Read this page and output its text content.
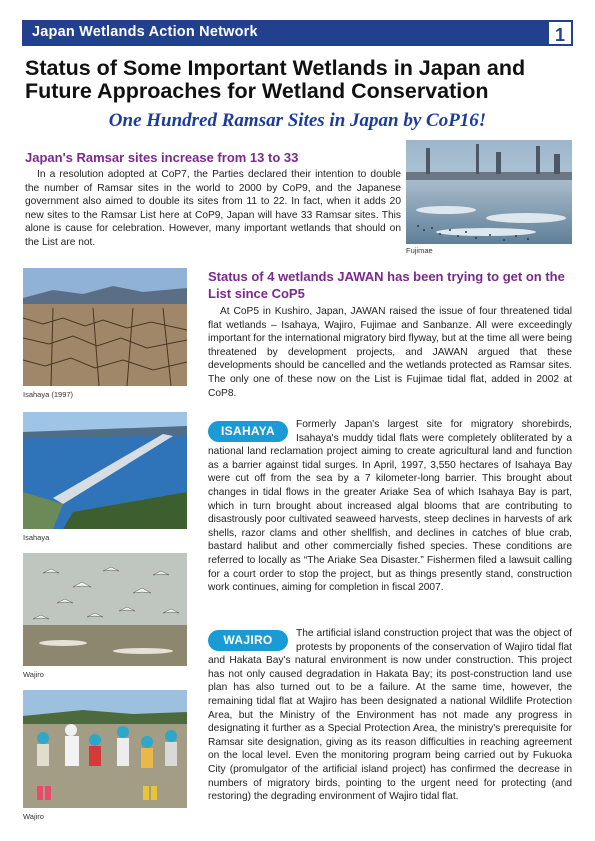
Japan Wetlands Action Network	1
Status of Some Important Wetlands in Japan and Future Approaches for Wetland Conservation
One Hundred Ramsar Sites in Japan by CoP16!
Japan's Ramsar sites increase from 13 to 33
In a resolution adopted at CoP7, the Parties declared their intention to double the number of Ramsar sites in the world to 2000 by CoP9, and the Japanese government also aimed to double its sites from 11 to 22. In fact, when it adds 20 new sites to the Ramsar List here at CoP9, Japan will have 33 Ramsar sites. This alone is cause for celebration. However, many important wetlands that should on the List are not.
Fujimae
Isahaya (1997)
Isahaya
Wajiro
Wajiro
Status of 4 wetlands JAWAN has been trying to get on the List since CoP5
At CoP5 in Kushiro, Japan, JAWAN raised the issue of four threatened tidal flat wetlands – Isahaya, Wajiro, Fujimae and Sanbanze. All were exceedingly important for the international migratory bird flyway, but at the time all were being threatened by development projects, and JAWAN argued that these developments should be cancelled and the wetlands protected as Ramsar sites. The only one of these now on the List is Fujimae tidal flat, added in 2002 at CoP8.
ISAHAYA	Formerly Japan's largest site for migratory shorebirds, Isahaya's muddy tidal flats were completely obliterated by a national land reclamation project aiming to create agricultural land and function as a barrier against tidal surges. In April, 1997, 3,550 hectares of Isahaya Bay were cut off from the sea by a 7 kilometer-long barrier. This brought about changes in tidal flows in the greater Ariake Sea of which Isahaya Bay is part, which in turn brought about increased algal blooms that are contributing to disastrously poor cultivated seaweed harvests, steep declines in harvests of ark shells, razor clams and other shellfish, and declines in catches of blue crab, bastard halibut and other commercially fished species. These conditions are referred to locally as “The Ariake Sea Disaster.” Fishermen filed a lawsuit calling for a court order to stop the project, but as things presently stand, construction work continues, aiming for completion in fiscal 2007.
WAJIRO	The artificial island construction project that was the object of protests by proponents of the conservation of Wajiro tidal flat and Hakata Bay's natural environment is now under construction. This project has not only caused degradation in Hakata Bay; its post-construction land use plan has also turned out to be a failure. At the same time, however, the remaining tidal flat at Wajiro has been designated a national Wildlife Protection Area, but the Ministry of the Environment has not made any progress in designating it further as a Special Protection Area, the ministry's prerequisite for Ramsar site designation, giving as its reason difficulties in reaching agreement on the local level. Even the monitoring program being carried out by Fukuoka City (promulgator of the artificial island project) has confirmed the decrease in numbers of migratory birds, pointing to the urgent need for protecting (and restoring) the degrading environment of Wajiro tidal flat.
